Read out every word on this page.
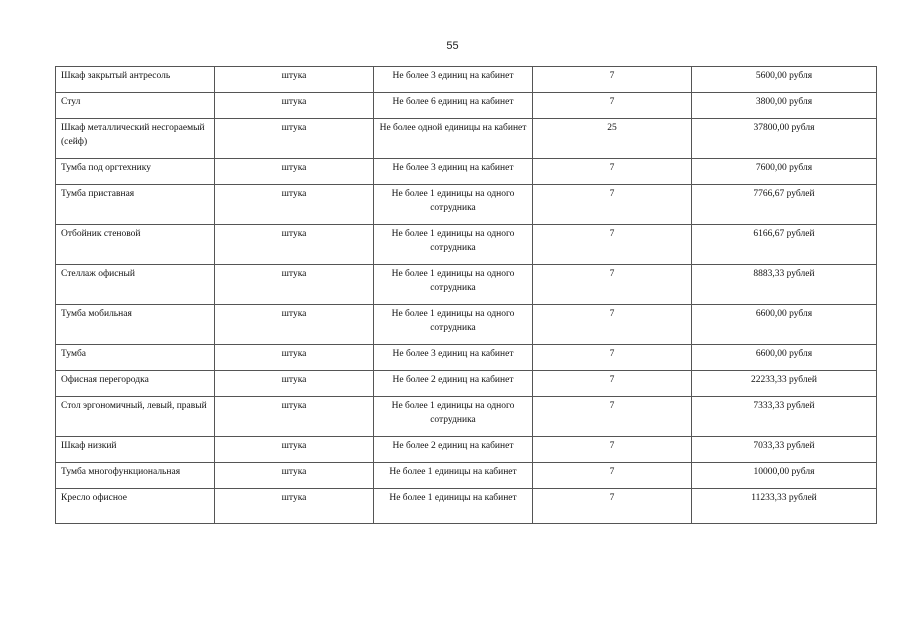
55
Шкаф закрытый антресоль	штука	Не более 3 единиц на кабинет	7	5600,00 рубля
Стул	штука	Не более 6 единиц на кабинет	7	3800,00 рубля
Шкаф металлический несгораемый (сейф)	штука	Не более одной единицы на кабинет	25	37800,00 рубля
Тумба под оргтехнику	штука	Не более 3 единиц на кабинет	7	7600,00 рубля
Тумба приставная	штука	Не более 1 единицы на одного сотрудника	7	7766,67 рублей
Отбойник стеновой	штука	Не более 1 единицы на одного сотрудника	7	6166,67 рублей
Стеллаж офисный	штука	Не более 1 единицы на одного сотрудника	7	8883,33 рублей
Тумба мобильная	штука	Не более 1 единицы на одного сотрудника	7	6600,00 рубля
Тумба	штука	Не более 3 единиц на кабинет	7	6600,00 рубля
Офисная перегородка	штука	Не более 2 единиц на кабинет	7	22233,33 рублей
Стол эргономичный, левый, правый	штука	Не более 1 единицы на одного сотрудника	7	7333,33 рублей
Шкаф низкий	штука	Не более 2 единиц на кабинет	7	7033,33 рублей
Тумба многофункциональная	штука	Не более 1 единицы на кабинет	7	10000,00 рубля
Кресло офисное	штука	Не более 1 единицы на кабинет	7	11233,33 рублей
